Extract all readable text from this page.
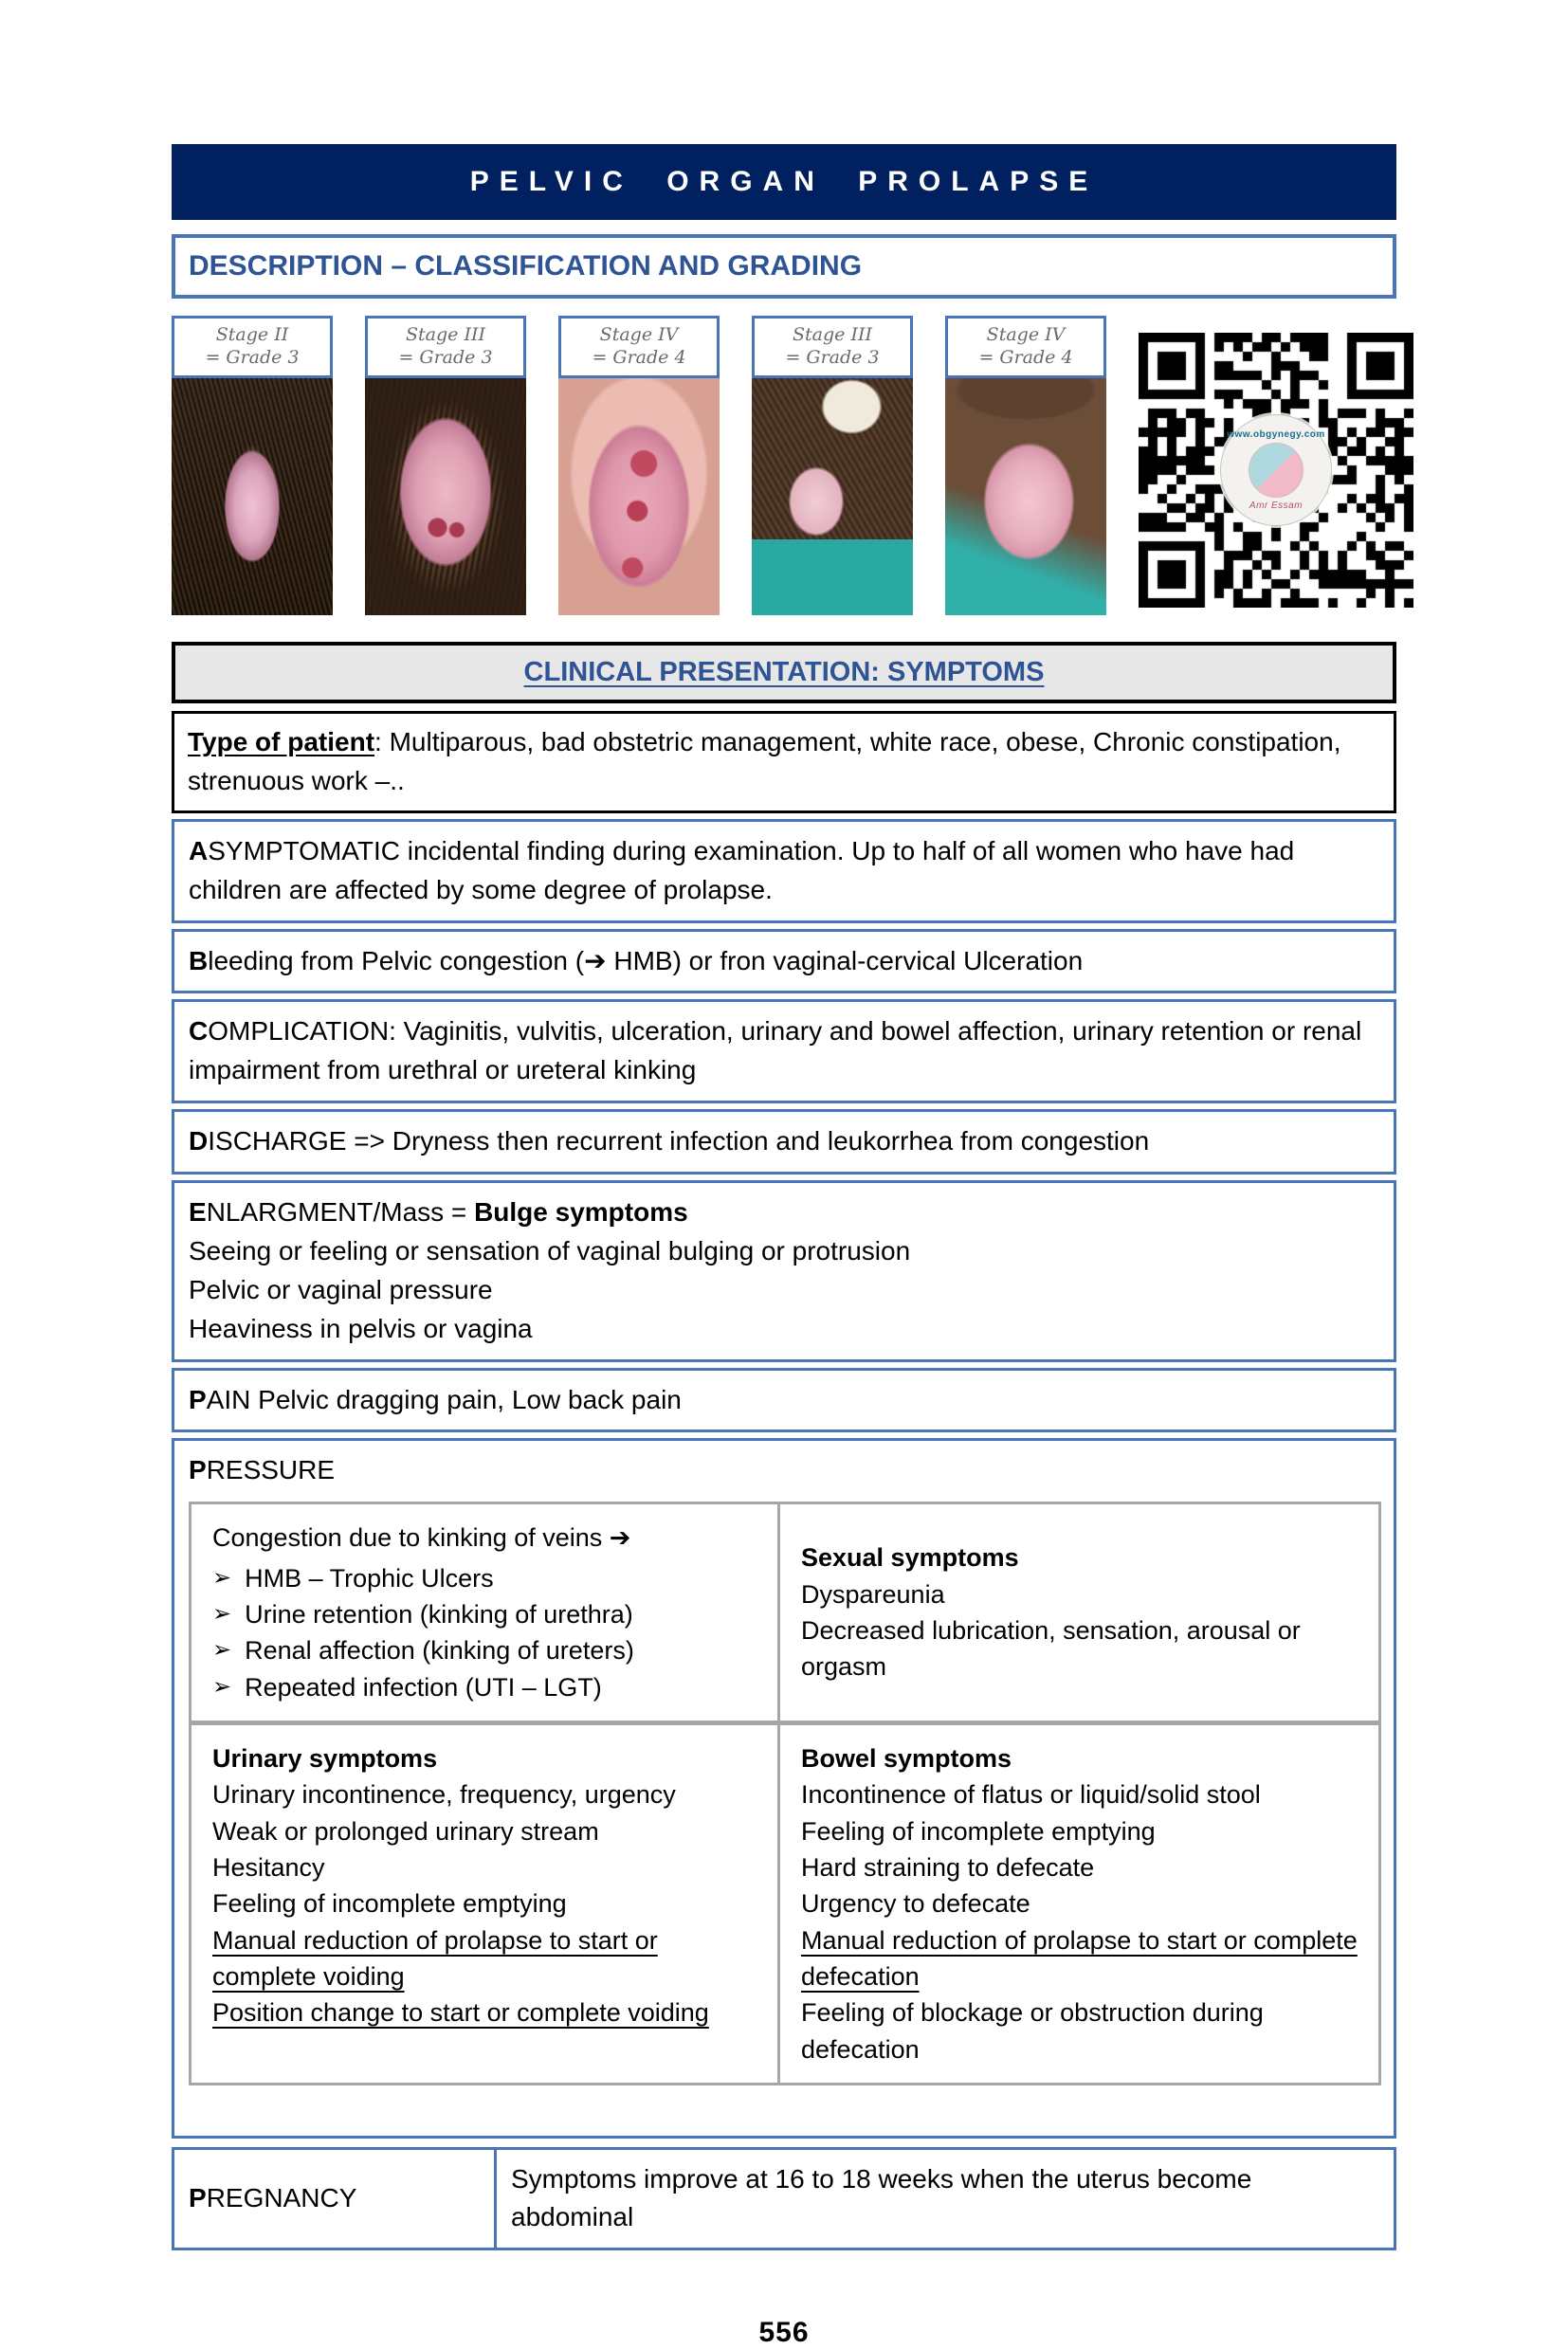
PELVIC ORGAN PROLAPSE
DESCRIPTION – CLASSIFICATION AND GRADING
Stage II
= Grade 3
Stage III
= Grade 3
Stage IV
= Grade 4
Stage III
= Grade 3
Stage IV
= Grade 4
www.obgynegy.com
Amr Essam
CLINICAL PRESENTATION: SYMPTOMS
Type of patient: Multiparous, bad obstetric management, white race, obese, Chronic constipation, strenuous work –..
ASYMPTOMATIC incidental finding during examination. Up to half of all women who have had children are affected by some degree of prolapse.
Bleeding from Pelvic congestion (➔ HMB) or fron vaginal-cervical Ulceration
COMPLICATION: Vaginitis, vulvitis, ulceration, urinary and bowel affection, urinary retention or renal impairment from urethral or ureteral kinking
DISCHARGE => Dryness then recurrent infection and leukorrhea from congestion
ENLARGMENT/Mass = Bulge symptoms
Seeing or feeling or sensation of vaginal bulging or protrusion
Pelvic or vaginal pressure
Heaviness in pelvis or vagina
PAIN Pelvic dragging pain, Low back pain
PRESSURE
Congestion due to kinking of veins ➔
➢ HMB – Trophic Ulcers
➢ Urine retention (kinking of urethra)
➢ Renal affection (kinking of ureters)
➢ Repeated infection (UTI – LGT)
Sexual symptoms
Dyspareunia
Decreased lubrication, sensation, arousal or orgasm
Urinary symptoms
Urinary incontinence, frequency, urgency
Weak or prolonged urinary stream
Hesitancy
Feeling of incomplete emptying
Manual reduction of prolapse to start or complete voiding
Position change to start or complete voiding
Bowel symptoms
Incontinence of flatus or liquid/solid stool
Feeling of incomplete emptying
Hard straining to defecate
Urgency to defecate
Manual reduction of prolapse to start or complete defecation
Feeling of blockage or obstruction during defecation
PREGNANCY
Symptoms improve at 16 to 18 weeks when the uterus become abdominal
556
